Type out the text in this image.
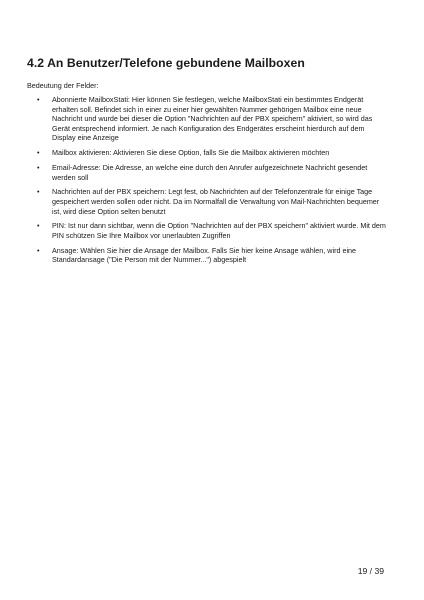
4.2 An Benutzer/Telefone gebundene Mailboxen
Bedeutung der Felder:
• Abonnierte MailboxStati: Hier können Sie festlegen, welche MailboxStati ein bestimmtes Endgerät erhalten soll. Befindet sich in einer zu einer hier gewählten Nummer gehörigen Mailbox eine neue Nachricht und wurde bei dieser die Option "Nachrichten auf der PBX speichern" aktiviert, so wird das Gerät entsprechend informiert. Je nach Konfiguration des Endgerätes erscheint hierdurch auf dem Display eine Anzeige
• Mailbox aktivieren: Aktivieren Sie diese Option, falls Sie die Mailbox aktivieren möchten
• Email-Adresse: Die Adresse, an welche eine durch den Anrufer aufgezeichnete Nachricht gesendet werden soll
• Nachrichten auf der PBX speichern: Legt fest, ob Nachrichten auf der Telefonzentrale für einige Tage gespeichert werden sollen oder nicht. Da im Normalfall die Verwaltung von Mail-Nachrichten bequemer ist, wird diese Option selten benutzt
• PIN: Ist nur dann sichtbar, wenn die Option "Nachrichten auf der PBX speichern" aktiviert wurde. Mit dem PIN schützen Sie Ihre Mailbox vor unerlaubten Zugriffen
• Ansage: Wählen Sie hier die Ansage der Mailbox. Falls Sie hier keine Ansage wählen, wird eine Standardansage ("Die Person mit der Nummer...") abgespielt
19 / 39
